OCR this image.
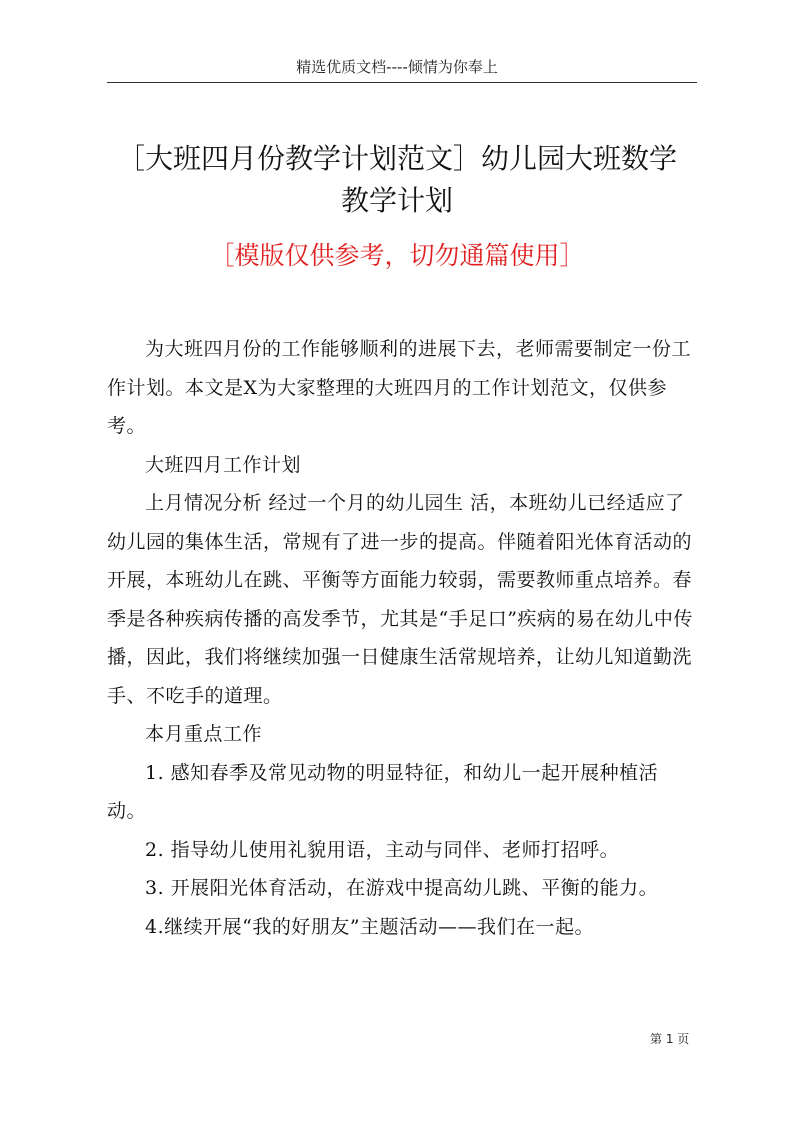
精选优质文档----倾情为你奉上
［大班四月份教学计划范文］幼儿园大班数学
教学计划
［模版仅供参考，切勿通篇使用］

为大班四月份的工作能够顺利的进展下去，老师需要制定一份工作计划。本文是X为大家整理的大班四月的工作计划范文，仅供参考。

大班四月工作计划

上月情况分析 经过一个月的幼儿园生 活，本班幼儿已经适应了幼儿园的集体生活，常规有了进一步的提高。伴随着阳光体育活动的开展，本班幼儿在跳、平衡等方面能力较弱，需要教师重点培养。春季是各种疾病传播的高发季节，尤其是“手足口”疾病的易在幼儿中传播，因此，我们将继续加强一日健康生活常规培养，让幼儿知道勤洗手、不吃手的道理。

本月重点工作

1. 感知春季及常见动物的明显特征，和幼儿一起开展种植活动。

2. 指导幼儿使用礼貌用语，主动与同伴、老师打招呼。

3. 开展阳光体育活动，在游戏中提高幼儿跳、平衡的能力。

4.继续开展“我的好朋友”主题活动——我们在一起。

第 1 页
